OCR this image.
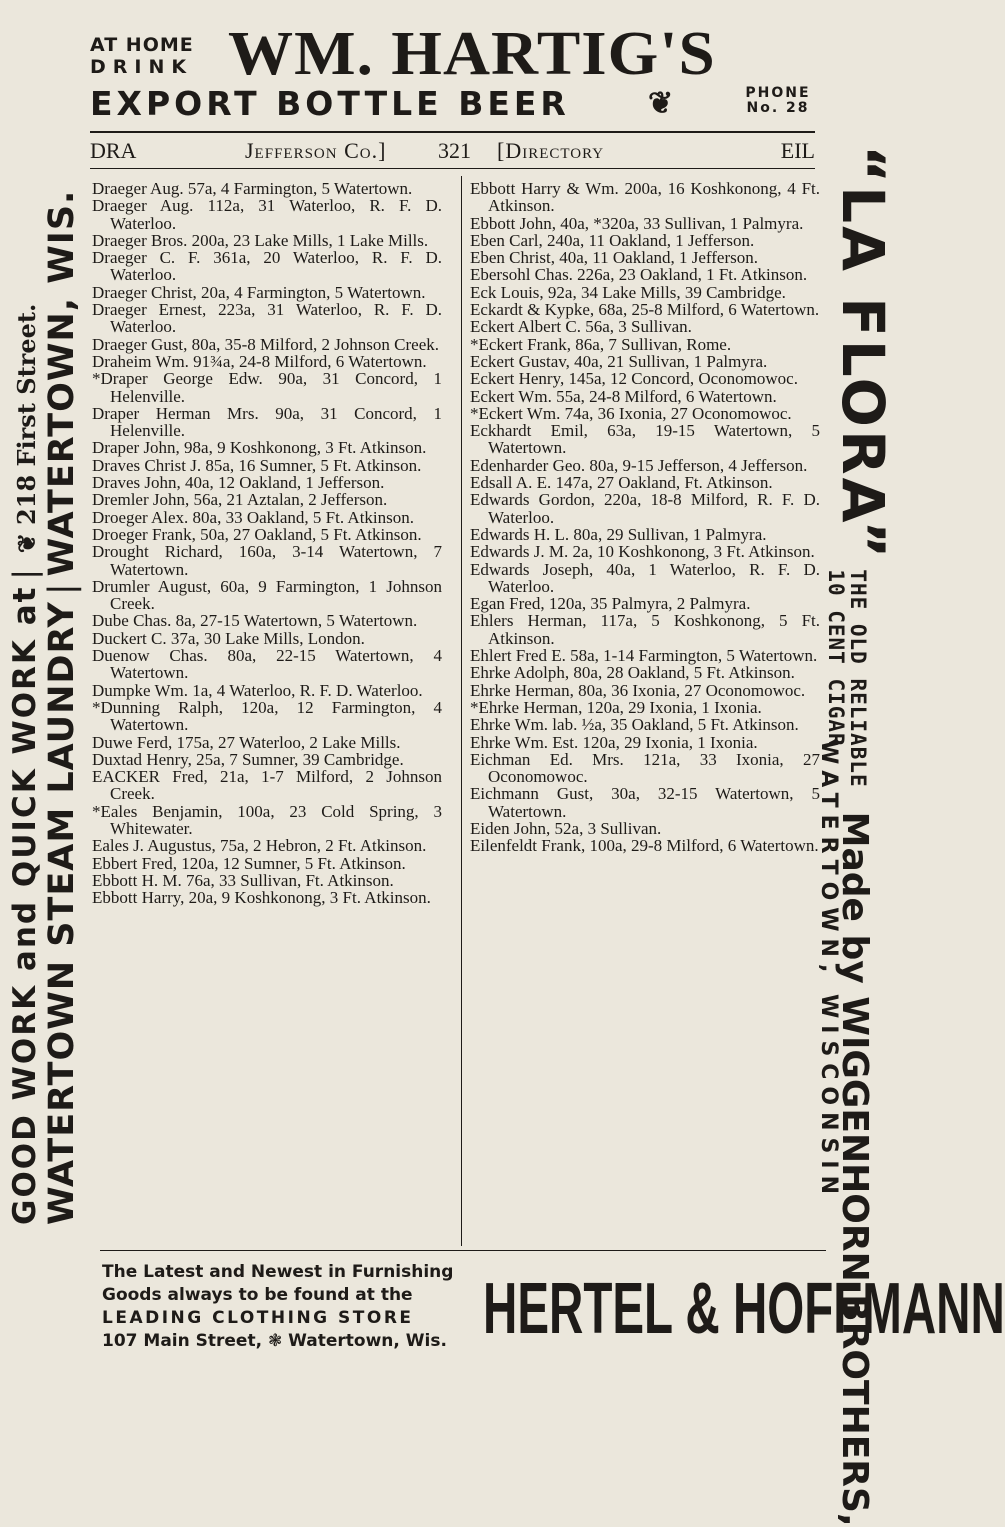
AT HOME
DRINK WM. HARTIG'S
EXPORT BOTTLE BEER	❦	PHONE
No. 28
DRA	Jefferson Co.] 321 [Directory	EIL
Draeger Aug. 57a, 4 Farmington, 5 Watertown.
Draeger Aug. 112a, 31 Waterloo, R. F. D. Waterloo.
Draeger Bros. 200a, 23 Lake Mills, 1 Lake Mills.
Draeger C. F. 361a, 20 Waterloo, R. F. D. Waterloo.
Draeger Christ, 20a, 4 Farmington, 5 Watertown.
Draeger Ernest, 223a, 31 Waterloo, R. F. D. Waterloo.
Draeger Gust, 80a, 35-8 Milford, 2 Johnson Creek.
Draheim Wm. 91¾a, 24-8 Milford, 6 Watertown.
*Draper George Edw. 90a, 31 Concord, 1 Helenville.
Draper Herman Mrs. 90a, 31 Concord, 1 Helenville.
Draper John, 98a, 9 Koshkonong, 3 Ft. Atkinson.
Draves Christ J. 85a, 16 Sumner, 5 Ft. Atkinson.
Draves John, 40a, 12 Oakland, 1 Jefferson.
Dremler John, 56a, 21 Aztalan, 2 Jefferson.
Droeger Alex. 80a, 33 Oakland, 5 Ft. Atkinson.
Droeger Frank, 50a, 27 Oakland, 5 Ft. Atkinson.
Drought Richard, 160a, 3-14 Watertown, 7 Watertown.
Drumler August, 60a, 9 Farmington, 1 Johnson Creek.
Dube Chas. 8a, 27-15 Watertown, 5 Watertown.
Duckert C. 37a, 30 Lake Mills, London.
Duenow Chas. 80a, 22-15 Watertown, 4 Watertown.
Dumpke Wm. 1a, 4 Waterloo, R. F. D. Waterloo.
*Dunning Ralph, 120a, 12 Farmington, 4 Watertown.
Duwe Ferd, 175a, 27 Waterloo, 2 Lake Mills.
Duxtad Henry, 25a, 7 Sumner, 39 Cambridge.
EACKER Fred, 21a, 1-7 Milford, 2 Johnson Creek.
*Eales Benjamin, 100a, 23 Cold Spring, 3 Whitewater.
Eales J. Augustus, 75a, 2 Hebron, 2 Ft. Atkinson.
Ebbert Fred, 120a, 12 Sumner, 5 Ft. Atkinson.
Ebbott H. M. 76a, 33 Sullivan, Ft. Atkinson.
Ebbott Harry, 20a, 9 Koshkonong, 3 Ft. Atkinson.
Ebbott Harry & Wm. 200a, 16 Koshkonong, 4 Ft. Atkinson.
Ebbott John, 40a, *320a, 33 Sullivan, 1 Palmyra.
Eben Carl, 240a, 11 Oakland, 1 Jefferson.
Eben Christ, 40a, 11 Oakland, 1 Jefferson.
Ebersohl Chas. 226a, 23 Oakland, 1 Ft. Atkinson.
Eck Louis, 92a, 34 Lake Mills, 39 Cambridge.
Eckardt & Kypke, 68a, 25-8 Milford, 6 Watertown.
Eckert Albert C. 56a, 3 Sullivan.
*Eckert Frank, 86a, 7 Sullivan, Rome.
Eckert Gustav, 40a, 21 Sullivan, 1 Palmyra.
Eckert Henry, 145a, 12 Concord, Oconomowoc.
Eckert Wm. 55a, 24-8 Milford, 6 Watertown.
*Eckert Wm. 74a, 36 Ixonia, 27 Oconomowoc.
Eckhardt Emil, 63a, 19-15 Watertown, 5 Watertown.
Edenharder Geo. 80a, 9-15 Jefferson, 4 Jefferson.
Edsall A. E. 147a, 27 Oakland, Ft. Atkinson.
Edwards Gordon, 220a, 18-8 Milford, R. F. D. Waterloo.
Edwards H. L. 80a, 29 Sullivan, 1 Palmyra.
Edwards J. M. 2a, 10 Koshkonong, 3 Ft. Atkinson.
Edwards Joseph, 40a, 1 Waterloo, R. F. D. Waterloo.
Egan Fred, 120a, 35 Palmyra, 2 Palmyra.
Ehlers Herman, 117a, 5 Koshkonong, 5 Ft. Atkinson.
Ehlert Fred E. 58a, 1-14 Farmington, 5 Watertown.
Ehrke Adolph, 80a, 28 Oakland, 5 Ft. Atkinson.
Ehrke Herman, 80a, 36 Ixonia, 27 Oconomowoc.
*Ehrke Herman, 120a, 29 Ixonia, 1 Ixonia.
Ehrke Wm. lab. ½a, 35 Oakland, 5 Ft. Atkinson.
Ehrke Wm. Est. 120a, 29 Ixonia, 1 Ixonia.
Eichman Ed. Mrs. 121a, 33 Ixonia, 27 Oconomowoc.
Eichmann Gust, 30a, 32-15 Watertown, 5 Watertown.
Eiden John, 52a, 3 Sullivan.
Eilenfeldt Frank, 100a, 29-8 Milford, 6 Watertown.
GOOD WORK and QUICK WORK at|❦218 First Street.
WATERTOWN STEAM LAUNDRY|WATERTOWN, WIS.	“LA FLORA”
THE OLD RELIABLE
10 CENT CIGAR
Made by WIGGENHORN BROTHERS,
WATERTOWN, WISCONSIN
The Latest and Newest in Furnishing
Goods always to be found at the
LEADING CLOTHING STORE
107 Main Street, ❃ Watertown, Wis. HERTEL & HOFFMANN
